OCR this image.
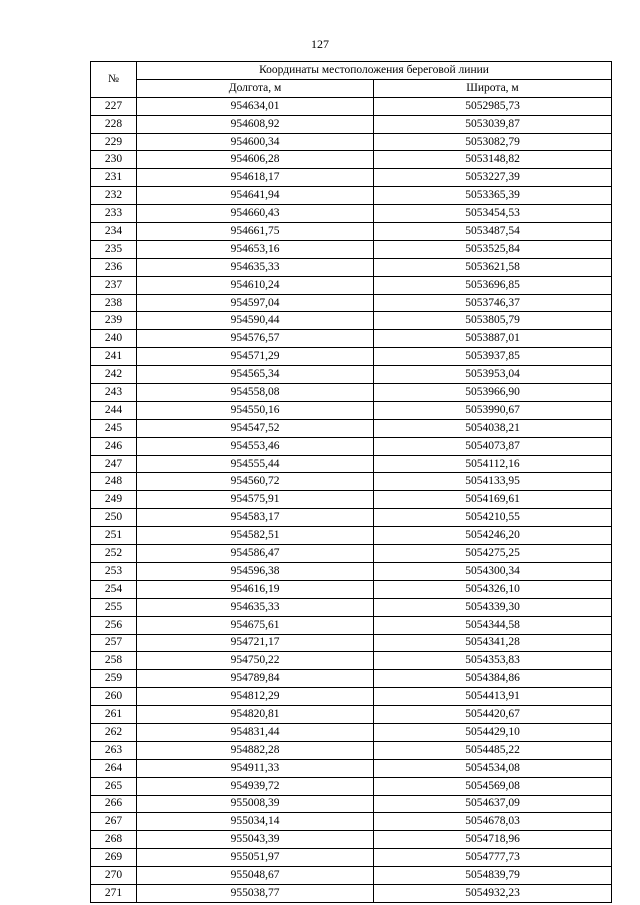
127
№	Координаты местоположения береговой линии	
	Долгота, м	Широта, м
227	954634,01	5052985,73
228	954608,92	5053039,87
229	954600,34	5053082,79
230	954606,28	5053148,82
231	954618,17	5053227,39
232	954641,94	5053365,39
233	954660,43	5053454,53
234	954661,75	5053487,54
235	954653,16	5053525,84
236	954635,33	5053621,58
237	954610,24	5053696,85
238	954597,04	5053746,37
239	954590,44	5053805,79
240	954576,57	5053887,01
241	954571,29	5053937,85
242	954565,34	5053953,04
243	954558,08	5053966,90
244	954550,16	5053990,67
245	954547,52	5054038,21
246	954553,46	5054073,87
247	954555,44	5054112,16
248	954560,72	5054133,95
249	954575,91	5054169,61
250	954583,17	5054210,55
251	954582,51	5054246,20
252	954586,47	5054275,25
253	954596,38	5054300,34
254	954616,19	5054326,10
255	954635,33	5054339,30
256	954675,61	5054344,58
257	954721,17	5054341,28
258	954750,22	5054353,83
259	954789,84	5054384,86
260	954812,29	5054413,91
261	954820,81	5054420,67
262	954831,44	5054429,10
263	954882,28	5054485,22
264	954911,33	5054534,08
265	954939,72	5054569,08
266	955008,39	5054637,09
267	955034,14	5054678,03
268	955043,39	5054718,96
269	955051,97	5054777,73
270	955048,67	5054839,79
271	955038,77	5054932,23
